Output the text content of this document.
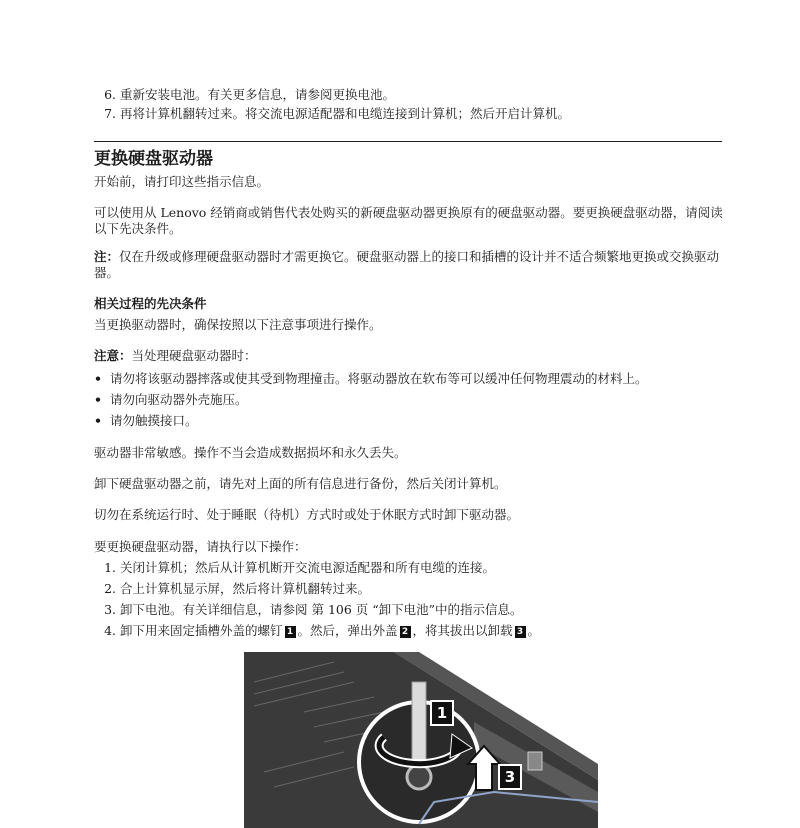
6. 重新安装电池。有关更多信息，请参阅更换电池。
7. 再将计算机翻转过来。将交流电源适配器和电缆连接到计算机；然后开启计算机。
更换硬盘驱动器
开始前，请打印这些指示信息。
可以使用从 Lenovo 经销商或销售代表处购买的新硬盘驱动器更换原有的硬盘驱动器。要更换硬盘驱动器，请阅读以下先决条件。
注：仅在升级或修理硬盘驱动器时才需更换它。硬盘驱动器上的接口和插槽的设计并不适合频繁地更换或交换驱动器。
相关过程的先决条件
当更换驱动器时，确保按照以下注意事项进行操作。
注意：当处理硬盘驱动器时：
• 请勿将该驱动器摔落或使其受到物理撞击。将驱动器放在软布等可以缓冲任何物理震动的材料上。
• 请勿向驱动器外壳施压。
• 请勿触摸接口。
驱动器非常敏感。操作不当会造成数据损坏和永久丢失。
卸下硬盘驱动器之前，请先对上面的所有信息进行备份，然后关闭计算机。
切勿在系统运行时、处于睡眠（待机）方式时或处于休眠方式时卸下驱动器。
要更换硬盘驱动器，请执行以下操作：
1. 关闭计算机；然后从计算机断开交流电源适配器和所有电缆的连接。
2. 合上计算机显示屏，然后将计算机翻转过来。
3. 卸下电池。有关详细信息，请参阅 第 106 页 “卸下电池”中的指示信息。
4. 卸下用来固定插槽外盖的螺钉 1 。然后，弹出外盖 2 ，将其拔出以卸载 3 。
1
3
